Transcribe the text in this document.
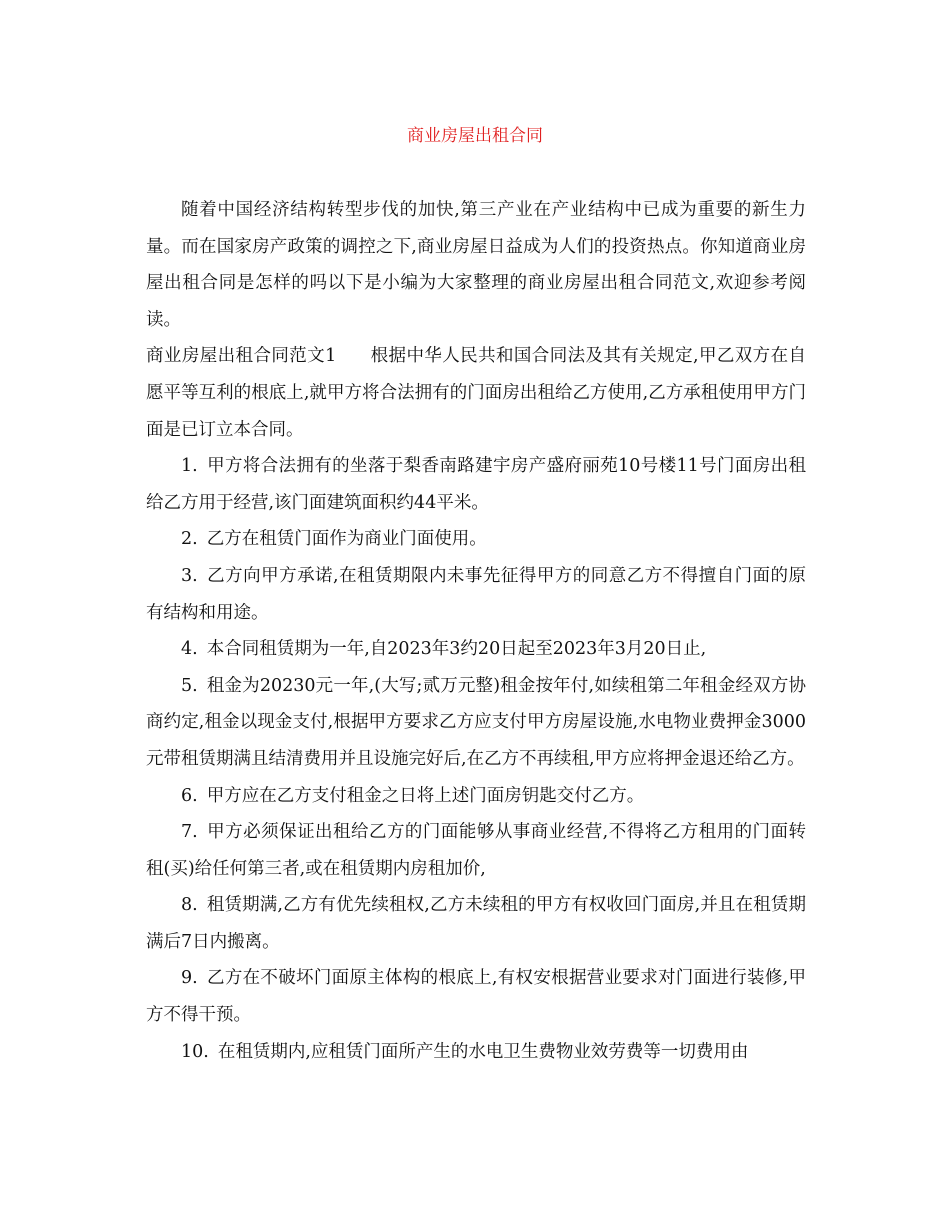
商业房屋出租合同

随着中国经济结构转型步伐的加快,第三产业在产业结构中已成为重要的新生力量。而在国家房产政策的调控之下,商业房屋日益成为人们的投资热点。你知道商业房屋出租合同是怎样的吗以下是小编为大家整理的商业房屋出租合同范文,欢迎参考阅读。

商业房屋出租合同范文1 根据中华人民共和国合同法及其有关规定,甲乙双方在自愿平等互利的根底上,就甲方将合法拥有的门面房出租给乙方使用,乙方承租使用甲方门面是已订立本合同。

1. 甲方将合法拥有的坐落于梨香南路建宇房产盛府丽苑10号楼11号门面房出租给乙方用于经营,该门面建筑面积约44平米。

2. 乙方在租赁门面作为商业门面使用。

3. 乙方向甲方承诺,在租赁期限内未事先征得甲方的同意乙方不得擅自门面的原有结构和用途。

4. 本合同租赁期为一年,自2023年3约20日起至2023年3月20日止,

5. 租金为20230元一年,(大写;贰万元整)租金按年付,如续租第二年租金经双方协商约定,租金以现金支付,根据甲方要求乙方应支付甲方房屋设施,水电物业费押金3000元带租赁期满且结清费用并且设施完好后,在乙方不再续租,甲方应将押金退还给乙方。

6. 甲方应在乙方支付租金之日将上述门面房钥匙交付乙方。

7. 甲方必须保证出租给乙方的门面能够从事商业经营,不得将乙方租用的门面转租(买)给任何第三者,或在租赁期内房租加价,

8. 租赁期满,乙方有优先续租权,乙方未续租的甲方有权收回门面房,并且在租赁期满后7日内搬离。

9. 乙方在不破坏门面原主体构的根底上,有权安根据营业要求对门面进行装修,甲方不得干预。

10. 在租赁期内,应租赁门面所产生的水电卫生费物业效劳费等一切费用由
